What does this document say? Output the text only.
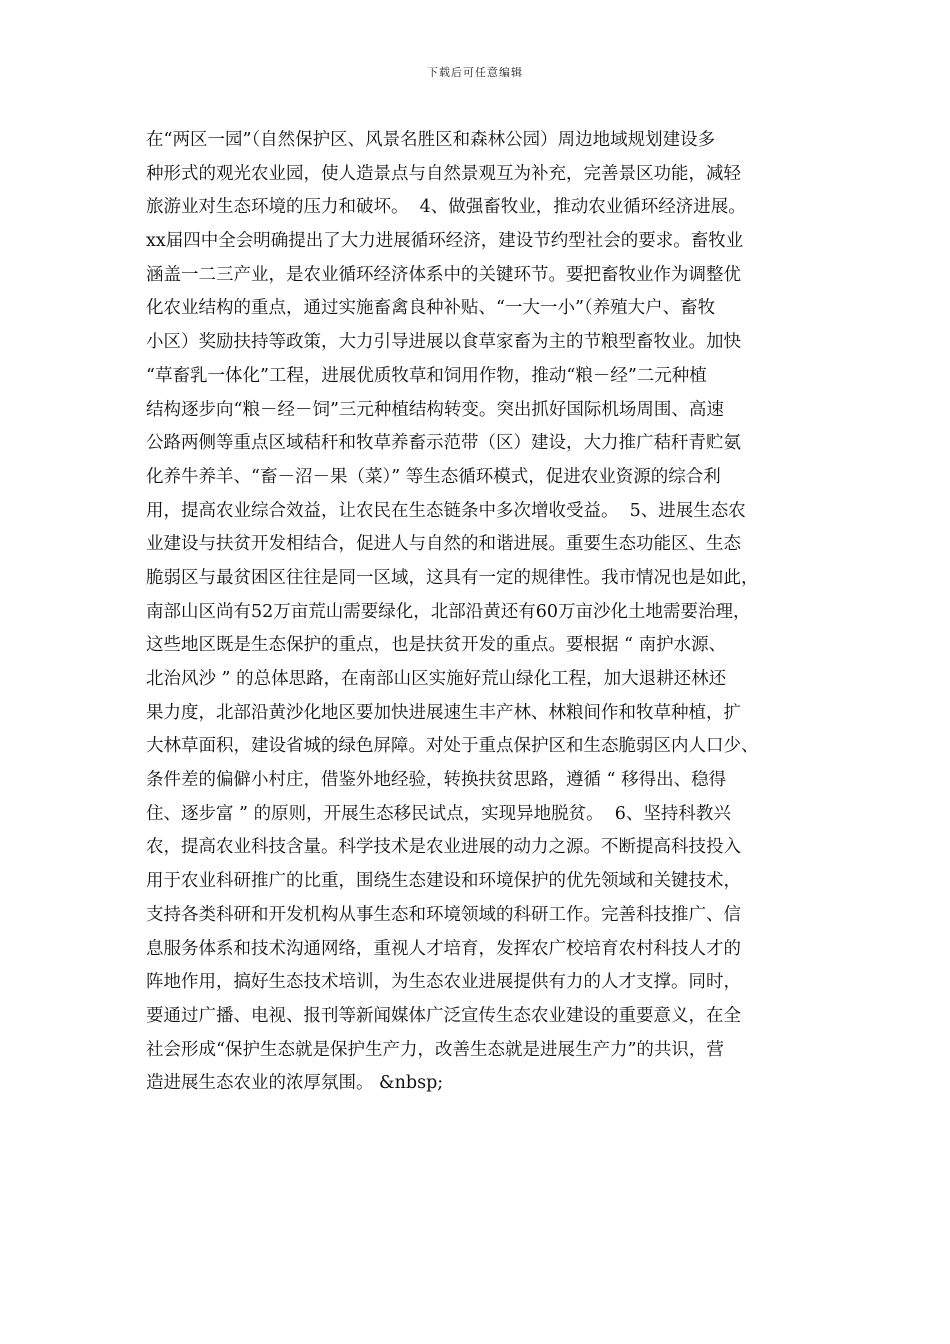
下载后可任意编辑
在“两区一园”（自然保护区、风景名胜区和森林公园）周边地域规划建设多
种形式的观光农业园，使人造景点与自然景观互为补充，完善景区功能，减轻
旅游业对生态环境的压力和破坏。  4、做强畜牧业，推动农业循环经济进展。
xx届四中全会明确提出了大力进展循环经济，建设节约型社会的要求。畜牧业
涵盖一二三产业，是农业循环经济体系中的关键环节。要把畜牧业作为调整优
化农业结构的重点，通过实施畜禽良种补贴、“一大一小”（养殖大户、畜牧
小区）奖励扶持等政策，大力引导进展以食草家畜为主的节粮型畜牧业。加快
“草畜乳一体化”工程，进展优质牧草和饲用作物，推动“粮－经”二元种植
结构逐步向“粮－经－饲”三元种植结构转变。突出抓好国际机场周围、高速
公路两侧等重点区域秸秆和牧草养畜示范带（区）建设，大力推广秸秆青贮氨
化养牛养羊、“畜－沼－果（菜）” 等生态循环模式，促进农业资源的综合利
用，提高农业综合效益，让农民在生态链条中多次增收受益。  5、进展生态农
业建设与扶贫开发相结合，促进人与自然的和谐进展。重要生态功能区、生态
脆弱区与最贫困区往往是同一区域，这具有一定的规律性。我市情况也是如此，
南部山区尚有52万亩荒山需要绿化，北部沿黄还有60万亩沙化土地需要治理，
这些地区既是生态保护的重点，也是扶贫开发的重点。要根据 “ 南护水源、
北治风沙 ” 的总体思路，在南部山区实施好荒山绿化工程，加大退耕还林还
果力度，北部沿黄沙化地区要加快进展速生丰产林、林粮间作和牧草种植，扩
大林草面积，建设省城的绿色屏障。对处于重点保护区和生态脆弱区内人口少、
条件差的偏僻小村庄，借鉴外地经验，转换扶贫思路，遵循 “ 移得出、稳得
住、逐步富 ” 的原则，开展生态移民试点，实现异地脱贫。  6、坚持科教兴
农，提高农业科技含量。科学技术是农业进展的动力之源。不断提高科技投入
用于农业科研推广的比重，围绕生态建设和环境保护的优先领域和关键技术，
支持各类科研和开发机构从事生态和环境领域的科研工作。完善科技推广、信
息服务体系和技术沟通网络，重视人才培育，发挥农广校培育农村科技人才的
阵地作用，搞好生态技术培训，为生态农业进展提供有力的人才支撑。同时，
要通过广播、电视、报刊等新闻媒体广泛宣传生态农业建设的重要意义，在全
社会形成“保护生态就是保护生产力，改善生态就是进展生产力”的共识，营
造进展生态农业的浓厚氛围。 &nbsp;
